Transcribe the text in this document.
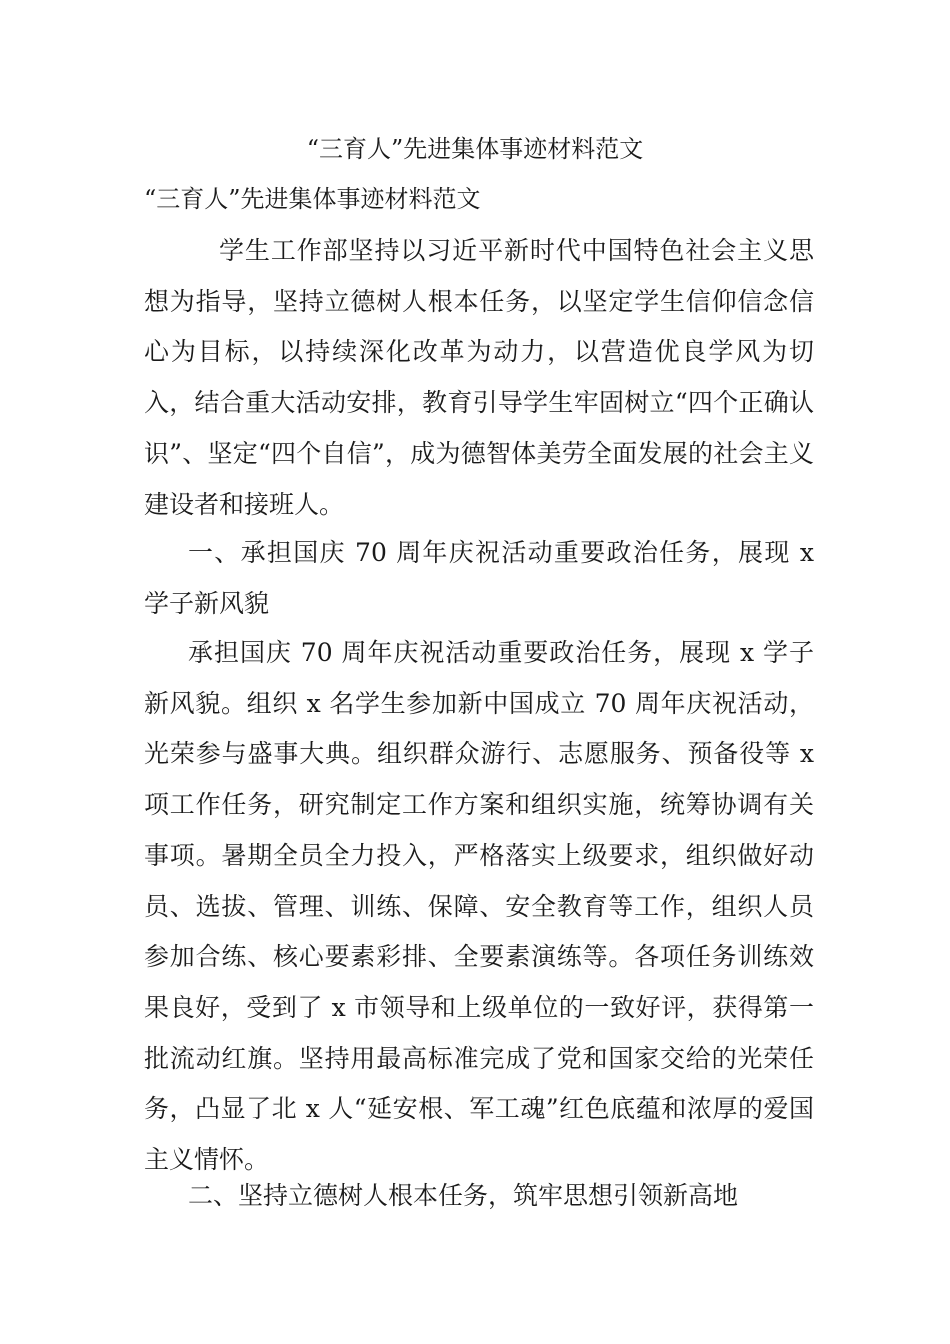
“三育人”先进集体事迹材料范文
“三育人”先进集体事迹材料范文
学生工作部坚持以习近平新时代中国特色社会主义思想为指导，坚持立德树人根本任务，以坚定学生信仰信念信心为目标，以持续深化改革为动力，以营造优良学风为切入，结合重大活动安排，教育引导学生牢固树立“四个正确认识”、坚定“四个自信”，成为德智体美劳全面发展的社会主义建设者和接班人。
一、承担国庆 70 周年庆祝活动重要政治任务，展现 x 学子新风貌
承担国庆 70 周年庆祝活动重要政治任务，展现 x 学子新风貌。组织 x 名学生参加新中国成立 70 周年庆祝活动，光荣参与盛事大典。组织群众游行、志愿服务、预备役等 x 项工作任务，研究制定工作方案和组织实施，统筹协调有关事项。暑期全员全力投入，严格落实上级要求，组织做好动员、选拔、管理、训练、保障、安全教育等工作，组织人员参加合练、核心要素彩排、全要素演练等。各项任务训练效果良好，受到了 x 市领导和上级单位的一致好评，获得第一批流动红旗。坚持用最高标准完成了党和国家交给的光荣任务，凸显了北 x 人“延安根、军工魂”红色底蕴和浓厚的爱国主义情怀。
二、坚持立德树人根本任务，筑牢思想引领新高地
